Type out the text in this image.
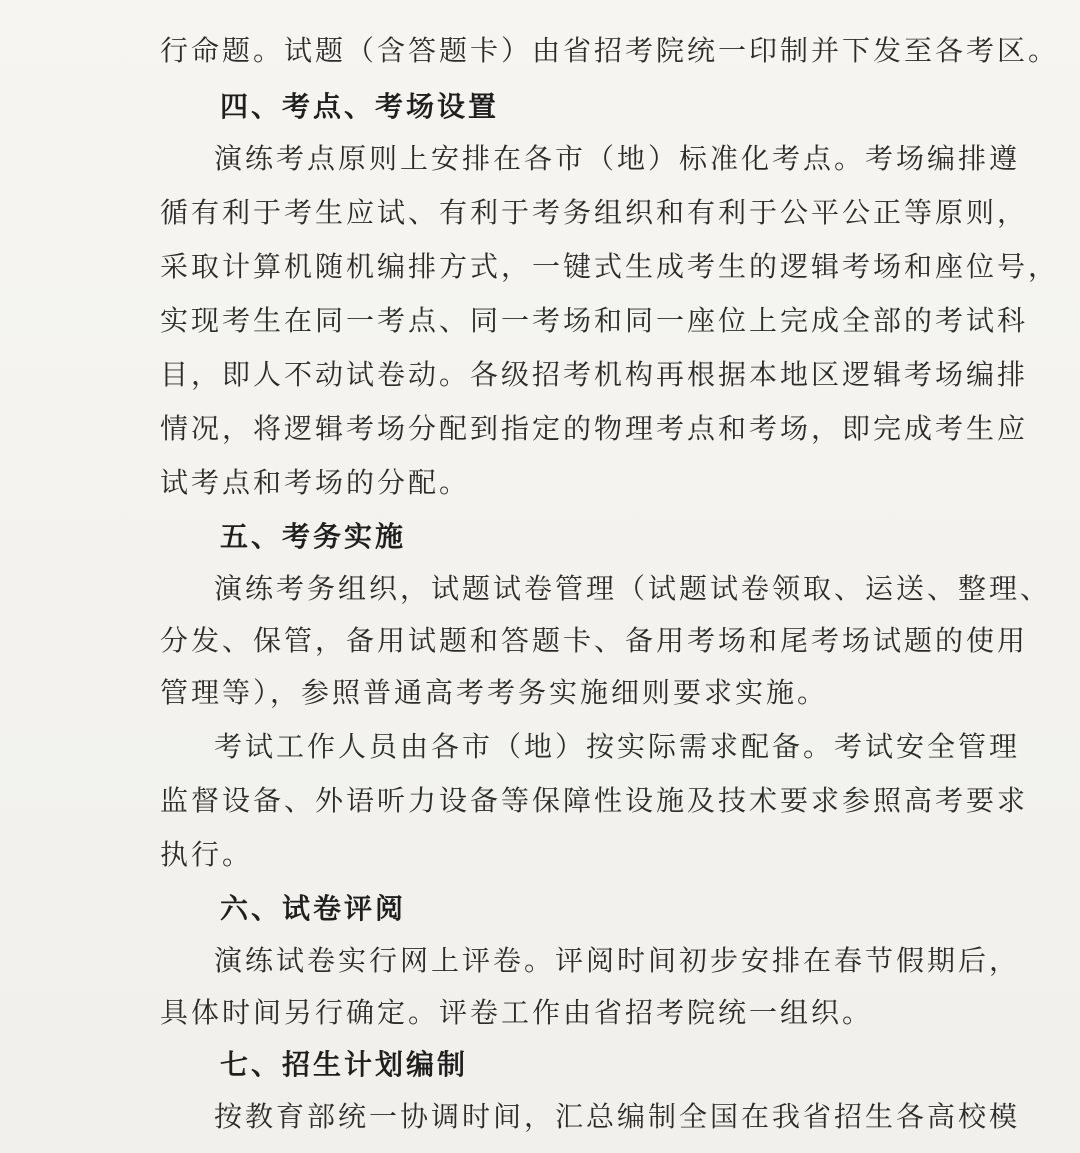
行命题。试题（含答题卡）由省招考院统一印制并下发至各考区。
四、考点、考场设置
演练考点原则上安排在各市（地）标准化考点。考场编排遵
循有利于考生应试、有利于考务组织和有利于公平公正等原则，
采取计算机随机编排方式，一键式生成考生的逻辑考场和座位号，
实现考生在同一考点、同一考场和同一座位上完成全部的考试科
目，即人不动试卷动。各级招考机构再根据本地区逻辑考场编排
情况，将逻辑考场分配到指定的物理考点和考场，即完成考生应
试考点和考场的分配。
五、考务实施
演练考务组织，试题试卷管理（试题试卷领取、运送、整理、
分发、保管，备用试题和答题卡、备用考场和尾考场试题的使用
管理等），参照普通高考考务实施细则要求实施。
考试工作人员由各市（地）按实际需求配备。考试安全管理
监督设备、外语听力设备等保障性设施及技术要求参照高考要求
执行。
六、试卷评阅
演练试卷实行网上评卷。评阅时间初步安排在春节假期后，
具体时间另行确定。评卷工作由省招考院统一组织。
七、招生计划编制
按教育部统一协调时间，汇总编制全国在我省招生各高校模
